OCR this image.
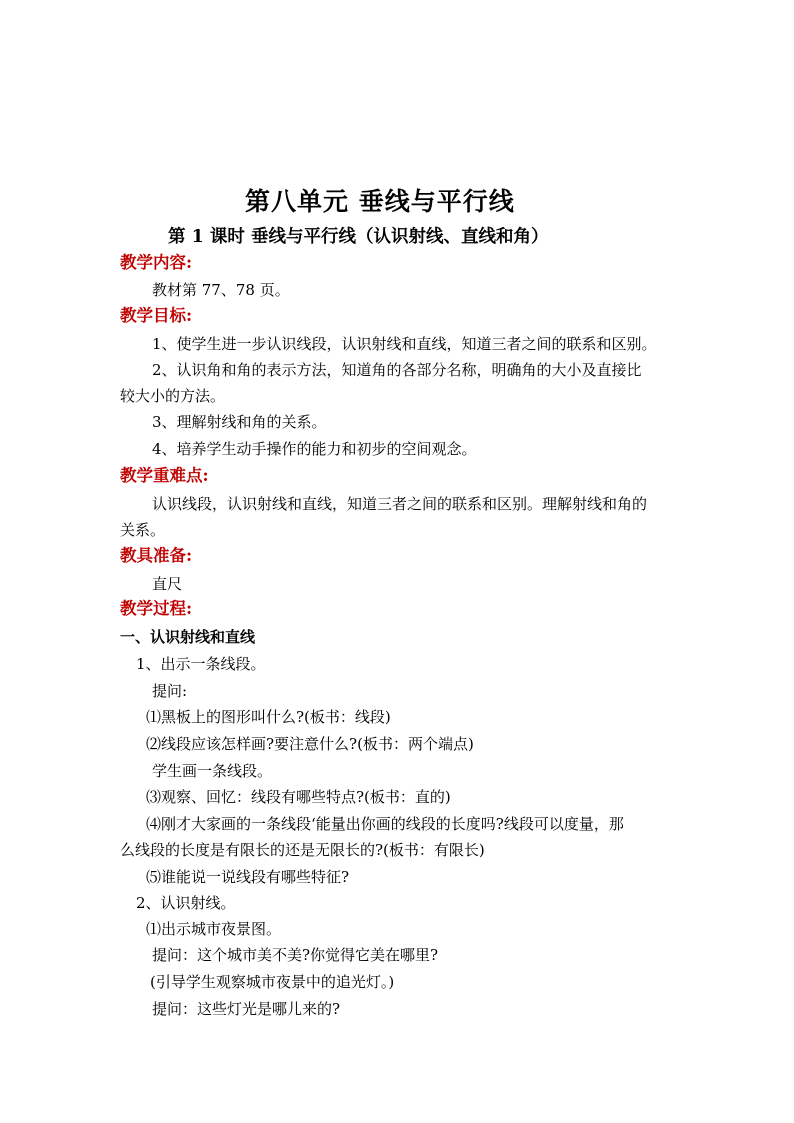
第八单元 垂线与平行线
第 1 课时 垂线与平行线（认识射线、直线和角）
教学内容:
教材第 77、78 页。
教学目标:
1、使学生进一步认识线段，认识射线和直线，知道三者之间的联系和区别。
2、认识角和角的表示方法，知道角的各部分名称，明确角的大小及直接比
较大小的方法。
3、理解射线和角的关系。
4、培养学生动手操作的能力和初步的空间观念。
教学重难点:
认识线段，认识射线和直线，知道三者之间的联系和区别。理解射线和角的
关系。
教具准备:
直尺
教学过程:
一、认识射线和直线
1、出示一条线段。
提问:
⑴黑板上的图形叫什么?(板书：线段)
⑵线段应该怎样画?要注意什么?(板书：两个端点)
学生画一条线段。
⑶观察、回忆：线段有哪些特点?(板书：直的)
⑷刚才大家画的一条线段‘能量出你画的线段的长度吗?线段可以度量，那
么线段的长度是有限长的还是无限长的?(板书：有限长)
⑸谁能说一说线段有哪些特征?
2、认识射线。
⑴出示城市夜景图。
提问：这个城市美不美?你觉得它美在哪里?
(引导学生观察城市夜景中的追光灯。)
提问：这些灯光是哪儿来的?
